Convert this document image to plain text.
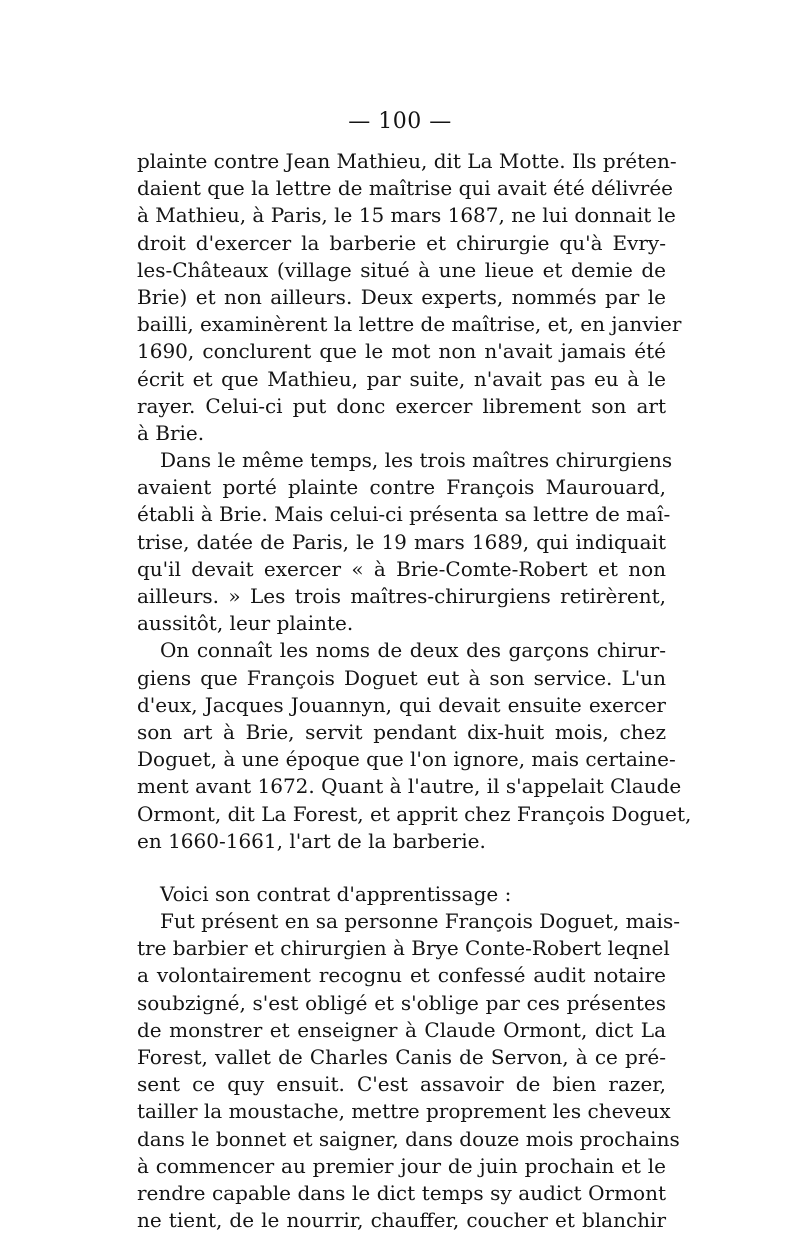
— 100 —
plainte contre Jean Mathieu, dit La Motte. Ils préten-
daient que la lettre de maîtrise qui avait été délivrée
à Mathieu, à Paris, le 15 mars 1687, ne lui donnait le
droit d'exercer la barberie et chirurgie qu'à Evry-
les-Châteaux (village situé à une lieue et demie de
Brie) et non ailleurs. Deux experts, nommés par le
bailli, examinèrent la lettre de maîtrise, et, en janvier
1690, conclurent que le mot non n'avait jamais été
écrit et que Mathieu, par suite, n'avait pas eu à le
rayer. Celui-ci put donc exercer librement son art
à Brie.
Dans le même temps, les trois maîtres chirurgiens
avaient porté plainte contre François Maurouard,
établi à Brie. Mais celui-ci présenta sa lettre de maî-
trise, datée de Paris, le 19 mars 1689, qui indiquait
qu'il devait exercer « à Brie-Comte-Robert et non
ailleurs. » Les trois maîtres-chirurgiens retirèrent,
aussitôt, leur plainte.
On connaît les noms de deux des garçons chirur-
giens que François Doguet eut à son service. L'un
d'eux, Jacques Jouannyn, qui devait ensuite exercer
son art à Brie, servit pendant dix-huit mois, chez
Doguet, à une époque que l'on ignore, mais certaine-
ment avant 1672. Quant à l'autre, il s'appelait Claude
Ormont, dit La Forest, et apprit chez François Doguet,
en 1660-1661, l'art de la barberie.
Voici son contrat d'apprentissage :
Fut présent en sa personne François Doguet, mais-
tre barbier et chirurgien à Brye Conte-Robert leqnel
a volontairement recognu et confessé audit notaire
soubzigné, s'est obligé et s'oblige par ces présentes
de monstrer et enseigner à Claude Ormont, dict La
Forest, vallet de Charles Canis de Servon, à ce pré-
sent ce quy ensuit. C'est assavoir de bien razer,
tailler la moustache, mettre proprement les cheveux
dans le bonnet et saigner, dans douze mois prochains
à commencer au premier jour de juin prochain et le
rendre capable dans le dict temps sy audict Ormont
ne tient, de le nourrir, chauffer, coucher et blanchir
